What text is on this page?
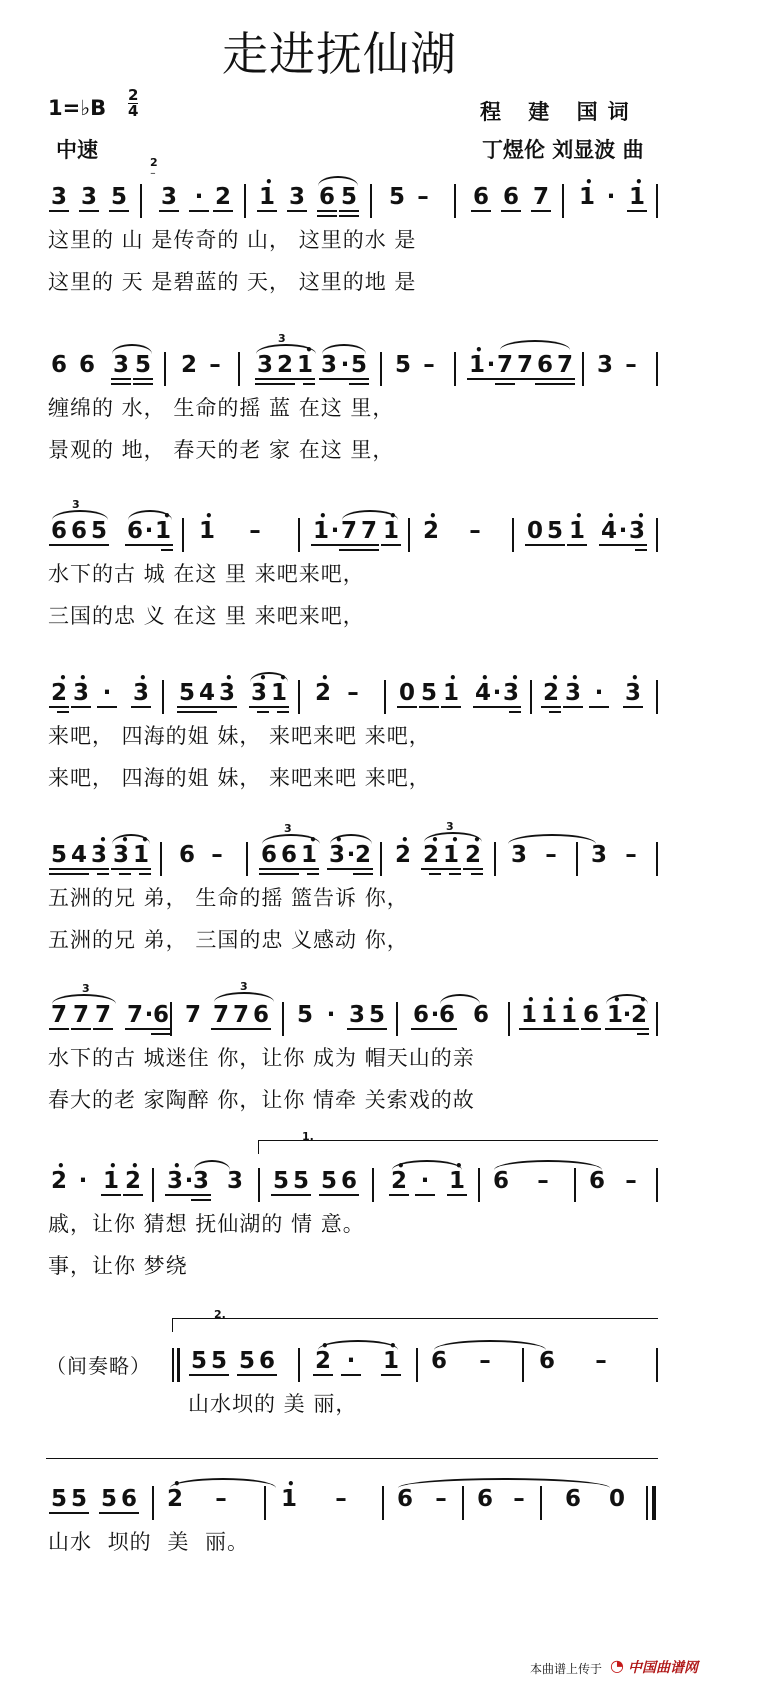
走进抚仙湖
1=♭B
2
4
中速
程 建 国词
丁煜伦 刘显波 曲
3 3 5
2
⁻
3 · 2 • 1 3 6 5 5 – 6 6 7 • 1 · • 1
这里的 山 是传奇的 山， 这里的水 是
这里的 天 是碧蓝的 天， 这里的地 是
6 6 3 5 2 –
3
3 2 • 1 3 · 5 5 – • 1 · 7 7 6 7 3 –
缠绵的 水， 生命的摇 蓝 在这 里，
景观的 地， 春天的老 家 在这 里，
3
6 6 5 6 · • 1 • 1 – • 1 · 7 7 • 1 • 2 – 0 5 • 1 • 4 · • 3
水下的古 城 在这 里 来吧来吧，
三国的忠 义 在这 里 来吧来吧，
• 2 • 3 · • 3 5 4 • 3 • 3 • 1 • 2 – 0 5 • 1 • 4 · • 3 • 2 • 3 · • 3
来吧， 四海的姐 妹， 来吧来吧 来吧，
来吧， 四海的姐 妹， 来吧来吧 来吧，
5 4 • 3 • 3 • 1 6 –
3
6 6 • 1 • 3 · 2 • 2
3
• 2 • 1 • 2 3 – 3 –
五洲的兄 弟， 生命的摇 篮告诉 你，
五洲的兄 弟， 三国的忠 义感动 你，
3
7 7 7 7 · 6 7
3
7 7 6 5 · 3 5 6 · 6 6 • 1 • 1 • 1 6 • 1 · • 2
水下的古 城迷住 你，让你 成为 帽天山的亲
春大的老 家陶醉 你，让你 情牵 关索戏的故
1.
• 2 · • 1 • 2 • 3 · 3 3 5 5 5 6 • 2 · • 1 6 – 6 –
戚，让你 猜想 抚仙湖的 情 意。
事，让你 梦绕
2.
（间奏略） 5 5 5 6 • 2 · • 1 6 – 6 –
山水坝的 美 丽，
5 5 5 6 • 2 – • 1 – 6 – 6 – 6 0
山水 坝的 美 丽。
本曲谱上传于 ◔ 中国曲谱网
